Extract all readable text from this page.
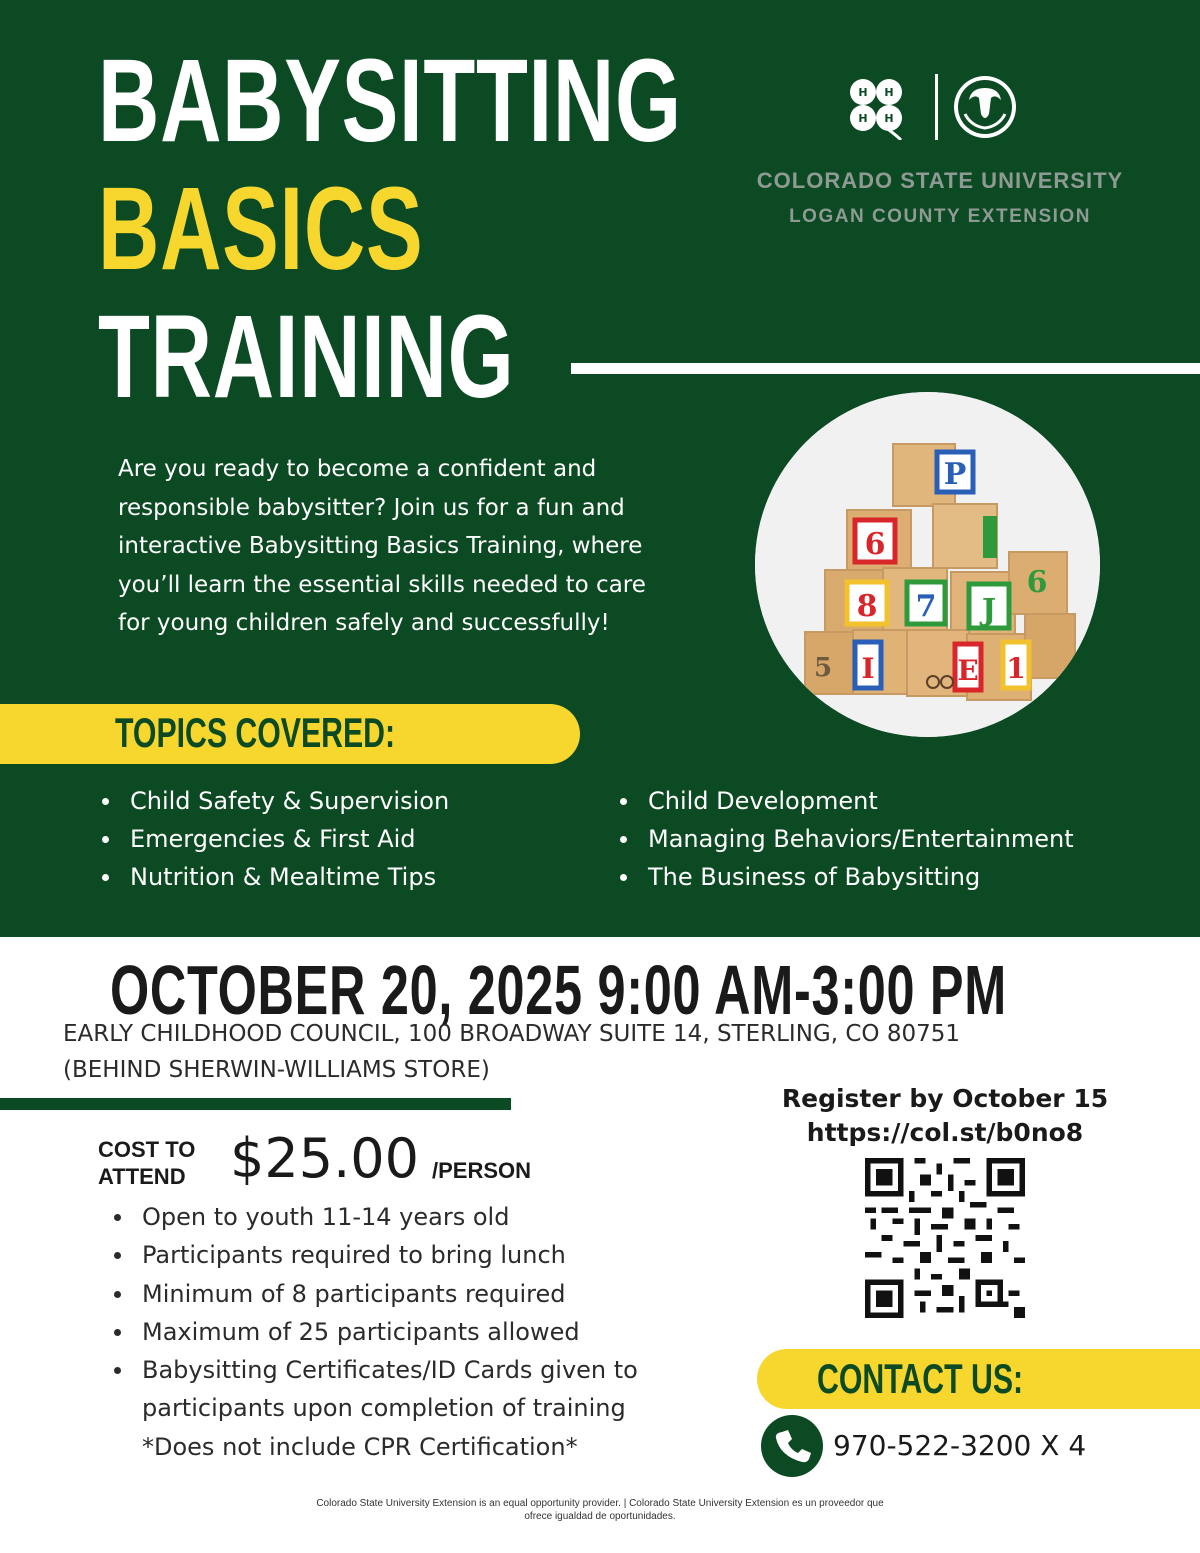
BABYSITTING
BASICS
TRAINING
H H
H H

COLORADO STATE UNIVERSITY

LOGAN COUNTY EXTENSION

Are you ready to become a confident and responsible babysitter? Join us for a fun and interactive Babysitting Basics Training, where you’ll learn the essential skills needed to care for young children safely and successfully!

P
6
8 7 J
6
I
5	E 1
TOPICS COVERED:
Child Safety & Supervision
Emergencies & First Aid
Nutrition & Mealtime Tips
Child Development
Managing Behaviors/Entertainment
The Business of Babysitting
OCTOBER 20, 2025 9:00 AM-3:00 PM
EARLY CHILDHOOD COUNCIL, 100 BROADWAY SUITE 14, STERLING, CO 80751
(BEHIND SHERWIN-WILLIAMS STORE)
COST TO
ATTEND $25.00 /PERSON

Open to youth 11-14 years old
Participants required to bring lunch
Minimum of 8 participants required
Maximum of 25 participants allowed
Babysitting Certificates/ID Cards given to
participants upon completion of training
*Does not include CPR Certification*
Register by October 15
https://col.st/b0no8
CONTACT US:

970-522-3200 X 4

Colorado State University Extension is an equal opportunity provider. | Colorado State University Extension es un proveedor que
ofrece igualdad de oportunidades.
